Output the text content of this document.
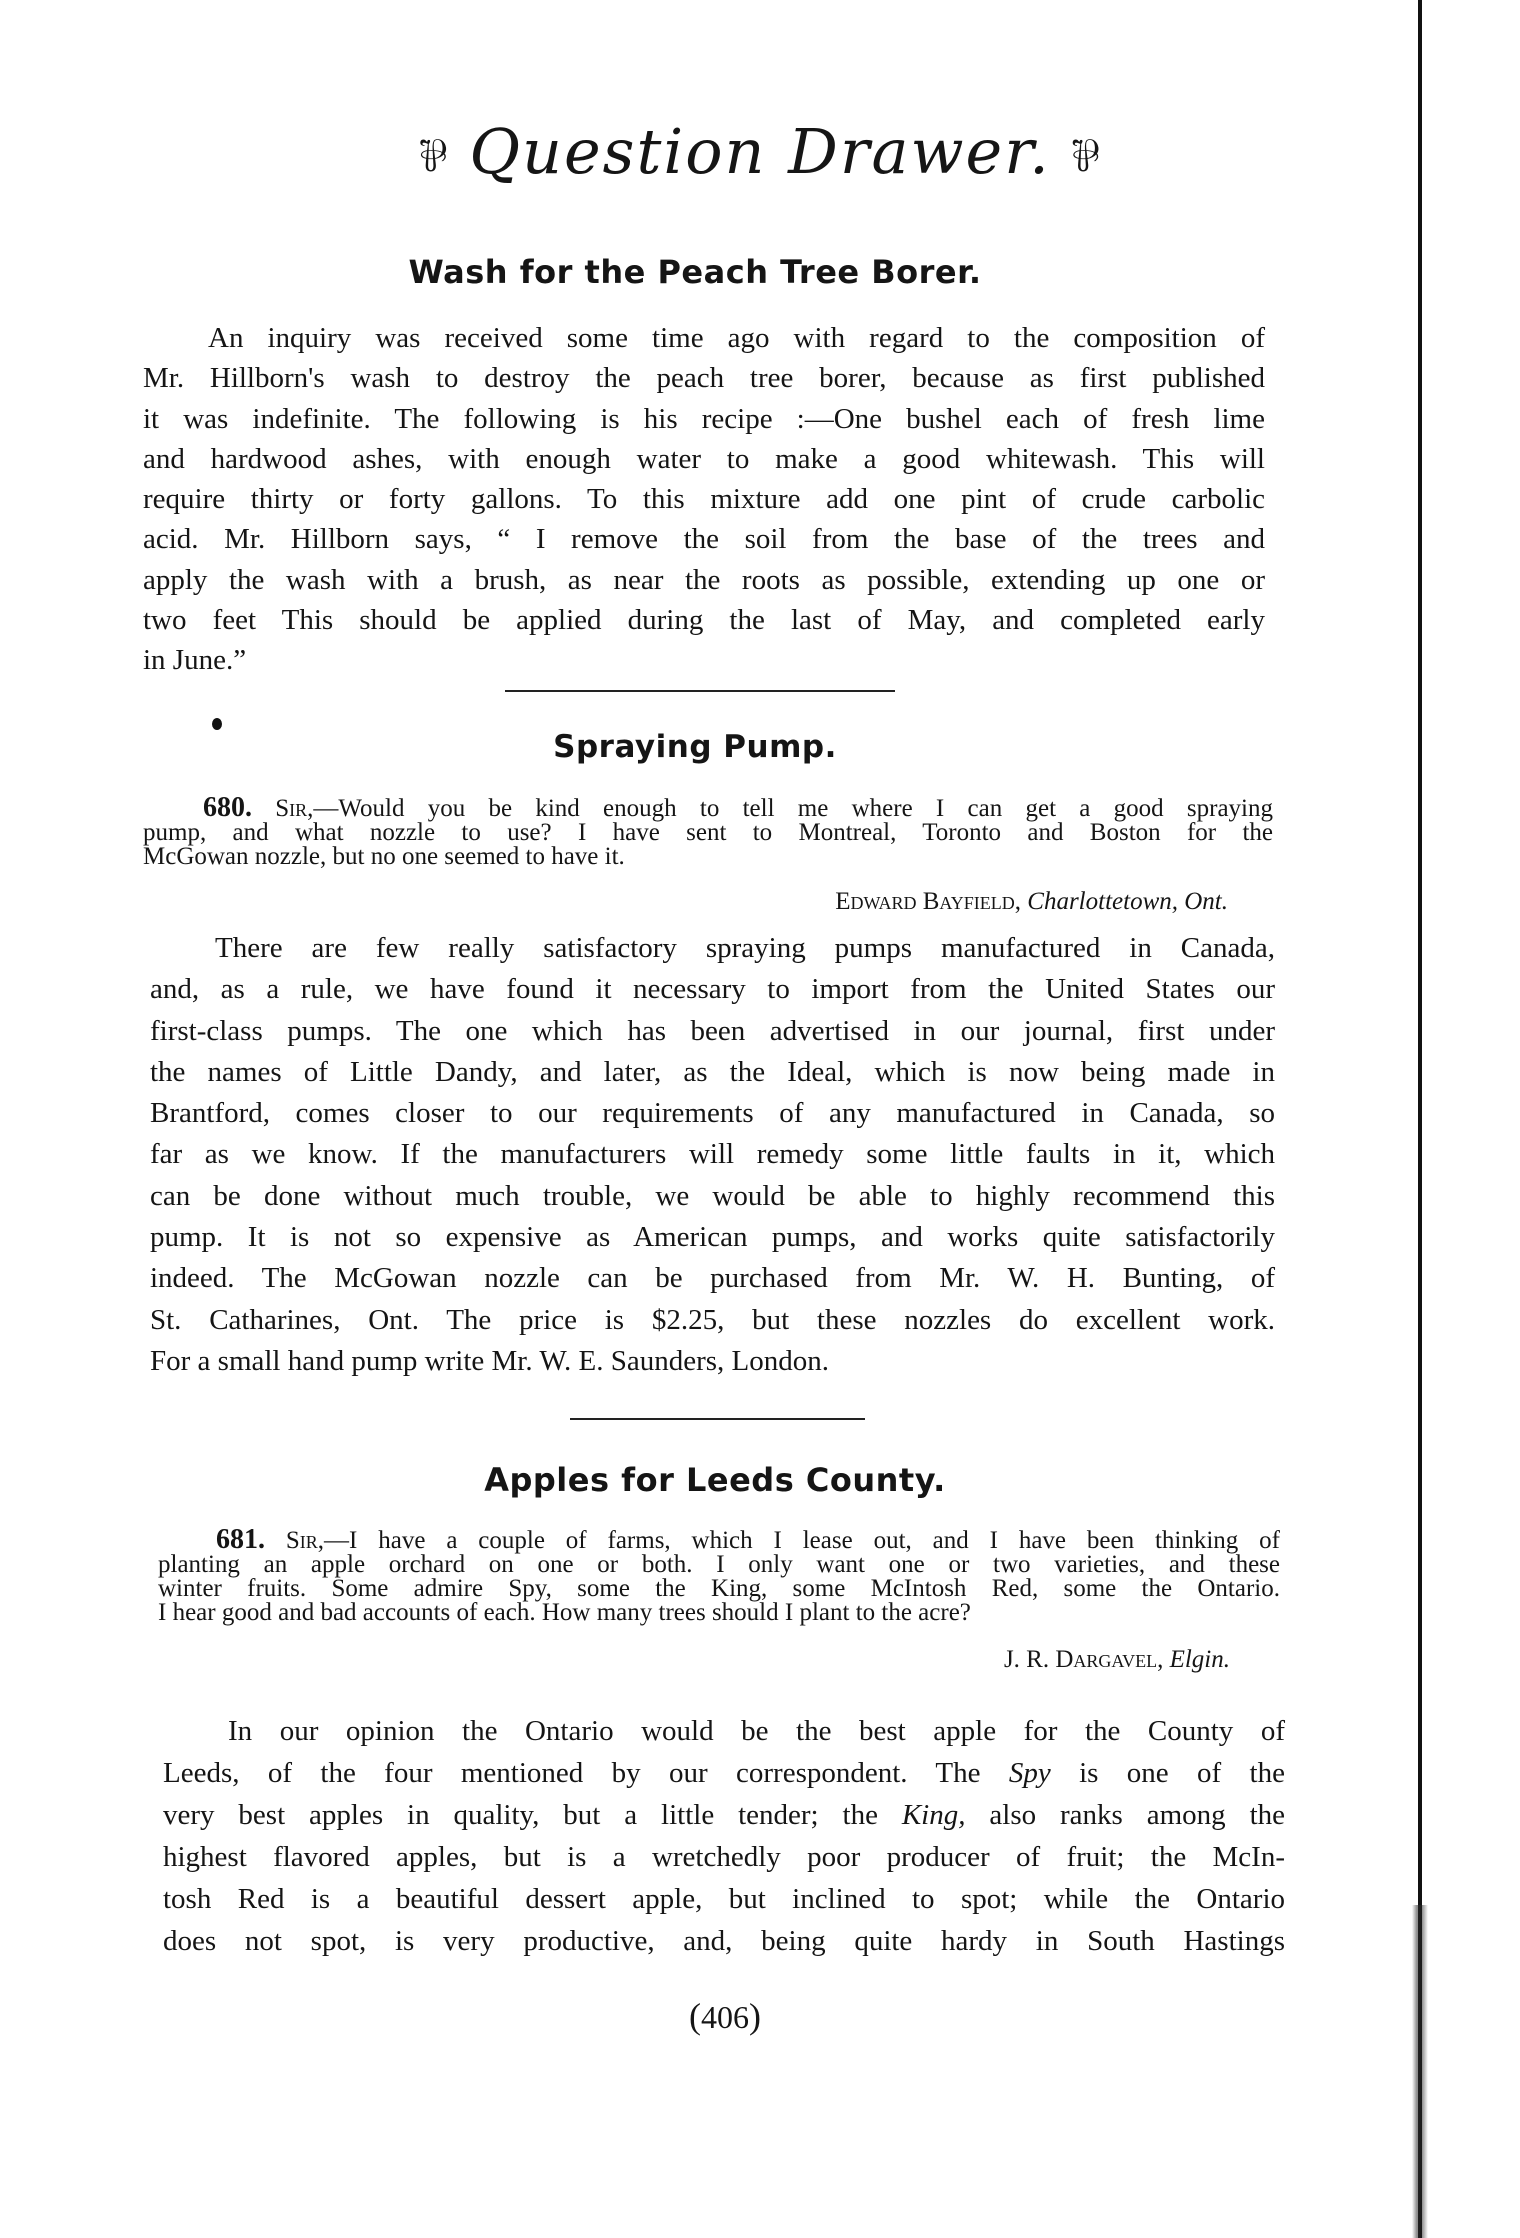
⅌ Question Drawer. ⅌
Wash for the Peach Tree Borer.
An inquiry was received some time ago with regard to the composition of
Mr. Hillborn's wash to destroy the peach tree borer, because as first published
it was indefinite. The following is his recipe :—One bushel each of fresh lime
and hardwood ashes, with enough water to make a good whitewash. This will
require thirty or forty gallons. To this mixture add one pint of crude carbolic
acid. Mr. Hillborn says, “ I remove the soil from the base of the trees and
apply the wash with a brush, as near the roots as possible, extending up one or
two feet This should be applied during the last of May, and completed early
in June.”
Spraying Pump.
680. Sir,—Would you be kind enough to tell me where I can get a good spraying
pump, and what nozzle to use? I have sent to Montreal, Toronto and Boston for the
McGowan nozzle, but no one seemed to have it.
Edward Bayfield, Charlottetown, Ont.
There are few really satisfactory spraying pumps manufactured in Canada,
and, as a rule, we have found it necessary to import from the United States our
first-class pumps. The one which has been advertised in our journal, first under
the names of Little Dandy, and later, as the Ideal, which is now being made in
Brantford, comes closer to our requirements of any manufactured in Canada, so
far as we know. If the manufacturers will remedy some little faults in it, which
can be done without much trouble, we would be able to highly recommend this
pump. It is not so expensive as American pumps, and works quite satisfactorily
indeed. The McGowan nozzle can be purchased from Mr. W. H. Bunting, of
St. Catharines, Ont. The price is $2.25, but these nozzles do excellent work.
For a small hand pump write Mr. W. E. Saunders, London.
Apples for Leeds County.
681. Sir,—I have a couple of farms, which I lease out, and I have been thinking of
planting an apple orchard on one or both. I only want one or two varieties, and these
winter fruits. Some admire Spy, some the King, some McIntosh Red, some the Ontario.
I hear good and bad accounts of each. How many trees should I plant to the acre?
J. R. Dargavel, Elgin.
In our opinion the Ontario would be the best apple for the County of
Leeds, of the four mentioned by our correspondent. The Spy is one of the
very best apples in quality, but a little tender; the King, also ranks among the
highest flavored apples, but is a wretchedly poor producer of fruit; the McIn-
tosh Red is a beautiful dessert apple, but inclined to spot; while the Ontario
does not spot, is very productive, and, being quite hardy in South Hastings
(406)
